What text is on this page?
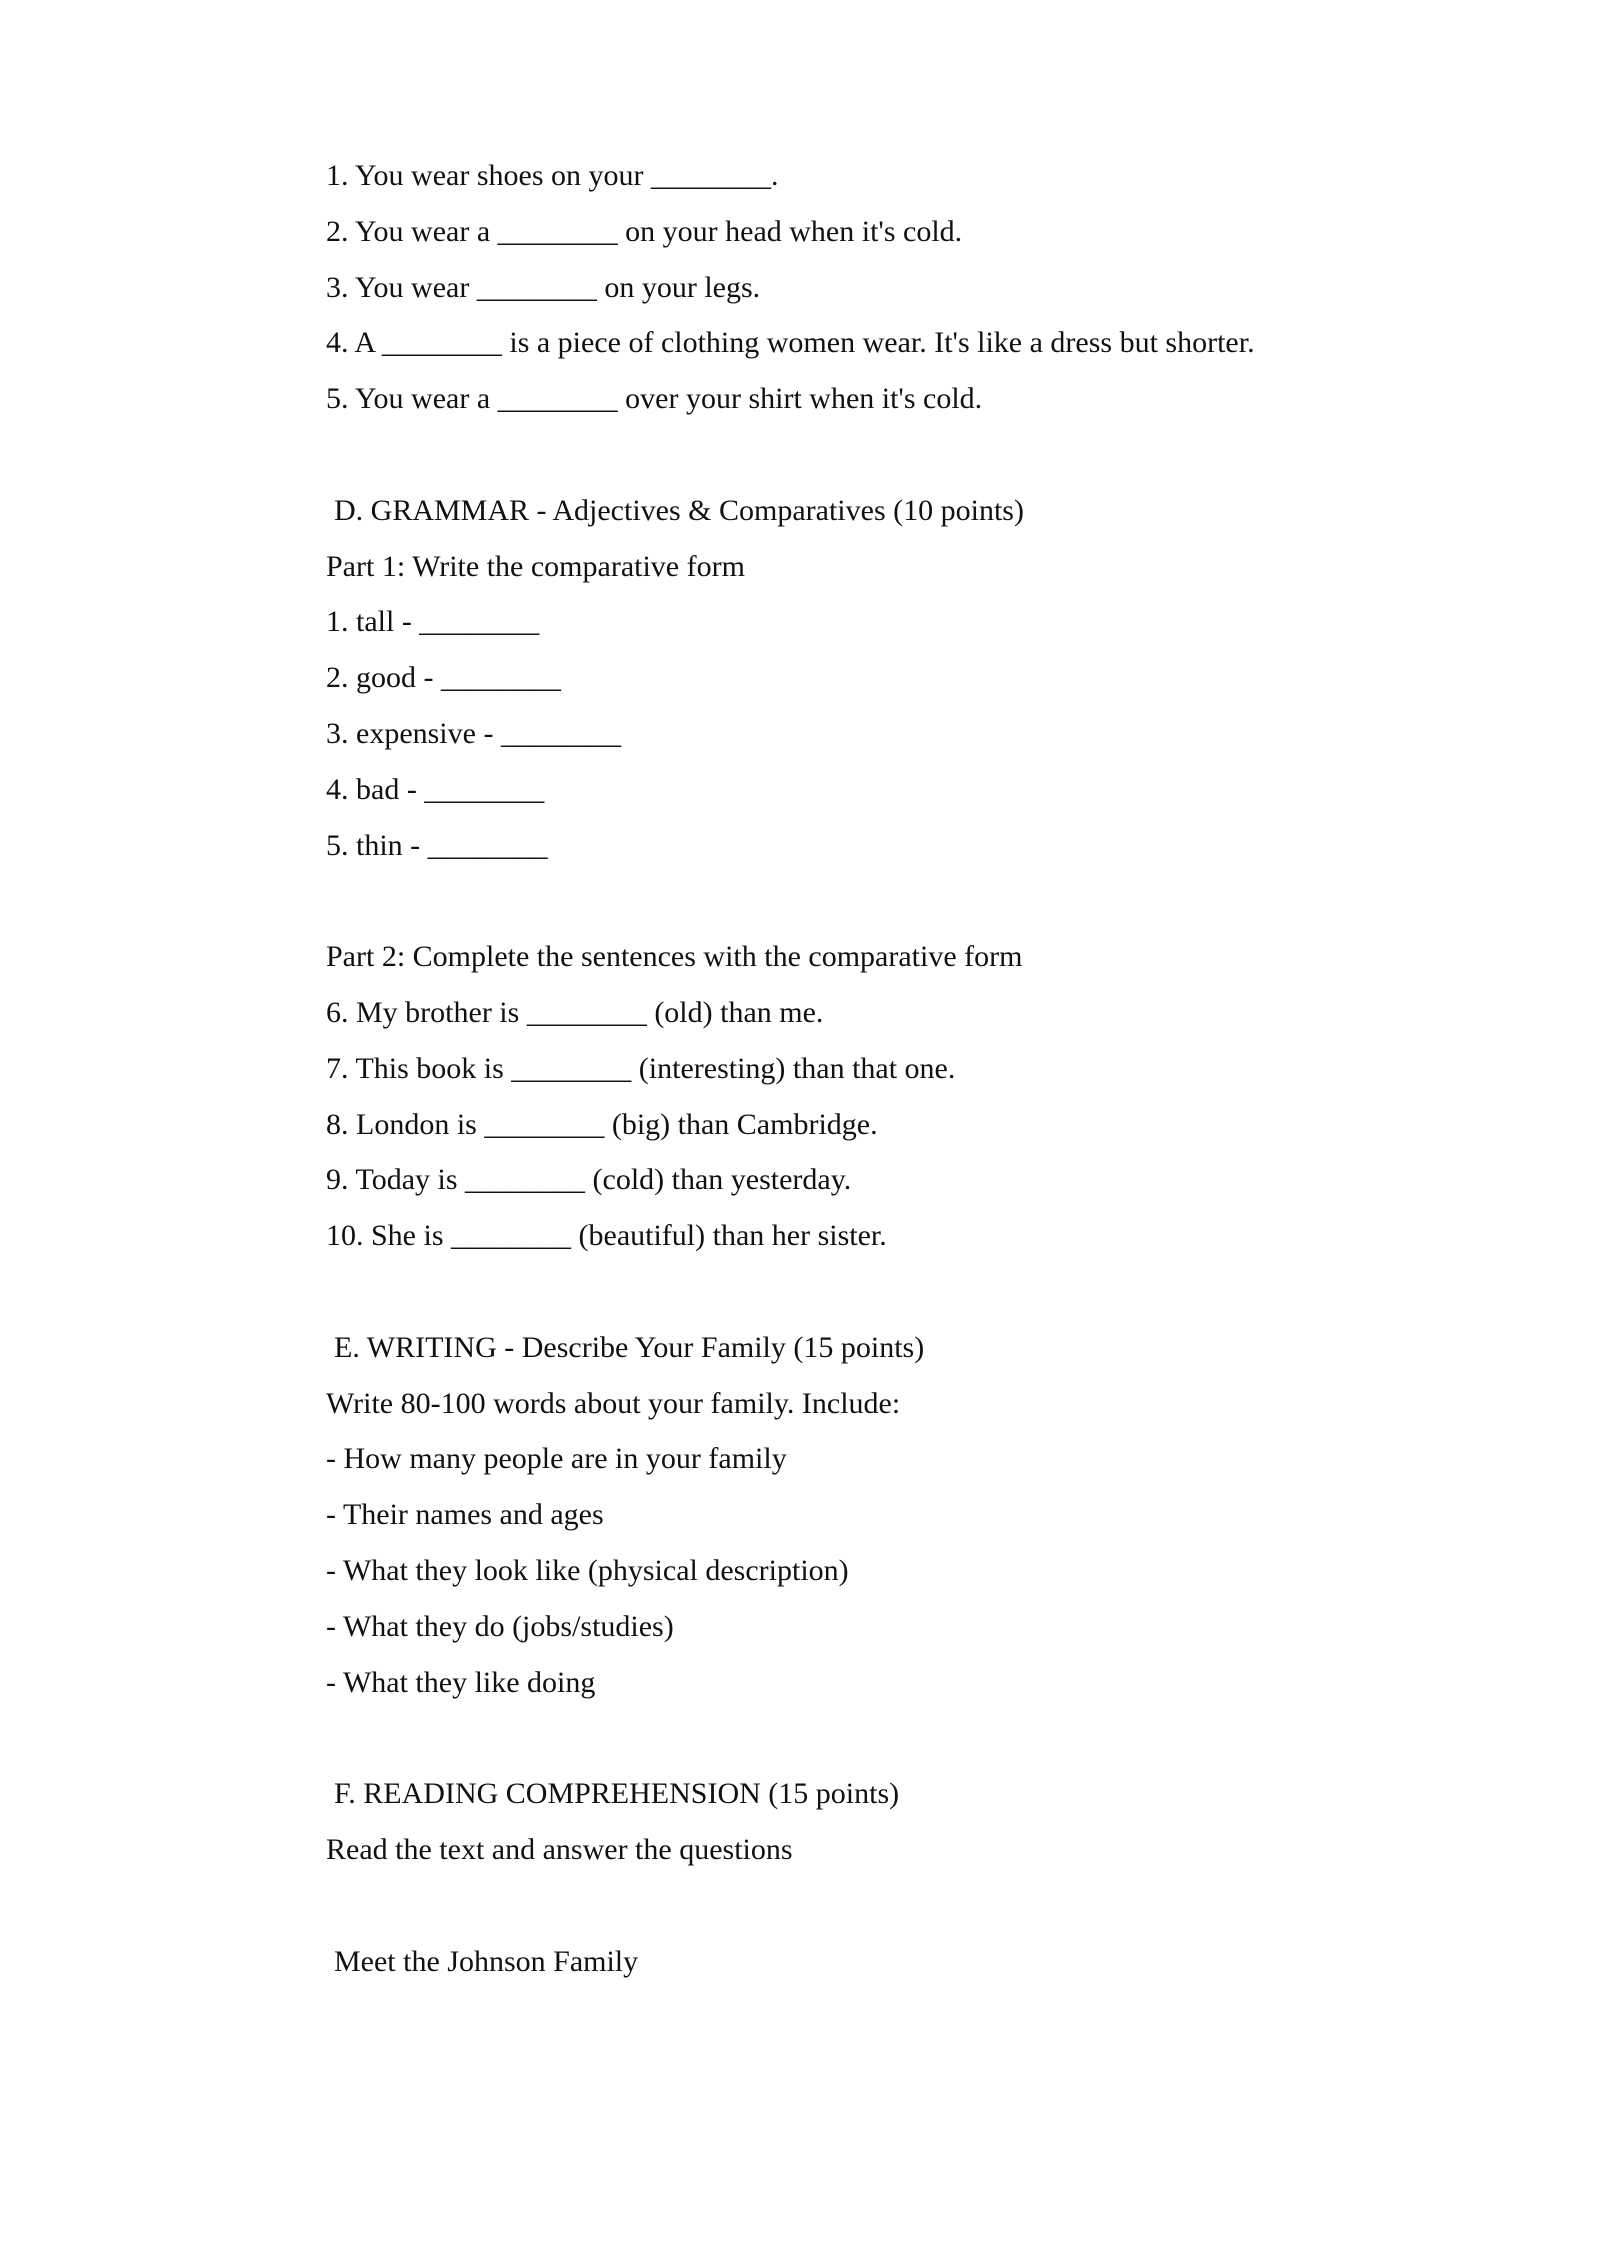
1. You wear shoes on your ________.
2. You wear a ________ on your head when it's cold.
3. You wear ________ on your legs.
4. A ________ is a piece of clothing women wear. It's like a dress but shorter.
5. You wear a ________ over your shirt when it's cold.
D. GRAMMAR - Adjectives & Comparatives (10 points)
Part 1: Write the comparative form
1. tall - ________
2. good - ________
3. expensive - ________
4. bad - ________
5. thin - ________
Part 2: Complete the sentences with the comparative form
6. My brother is ________ (old) than me.
7. This book is ________ (interesting) than that one.
8. London is ________ (big) than Cambridge.
9. Today is ________ (cold) than yesterday.
10. She is ________ (beautiful) than her sister.
E. WRITING - Describe Your Family (15 points)
Write 80-100 words about your family. Include:
- How many people are in your family
- Their names and ages
- What they look like (physical description)
- What they do (jobs/studies)
- What they like doing
F. READING COMPREHENSION (15 points)
Read the text and answer the questions
Meet the Johnson Family
